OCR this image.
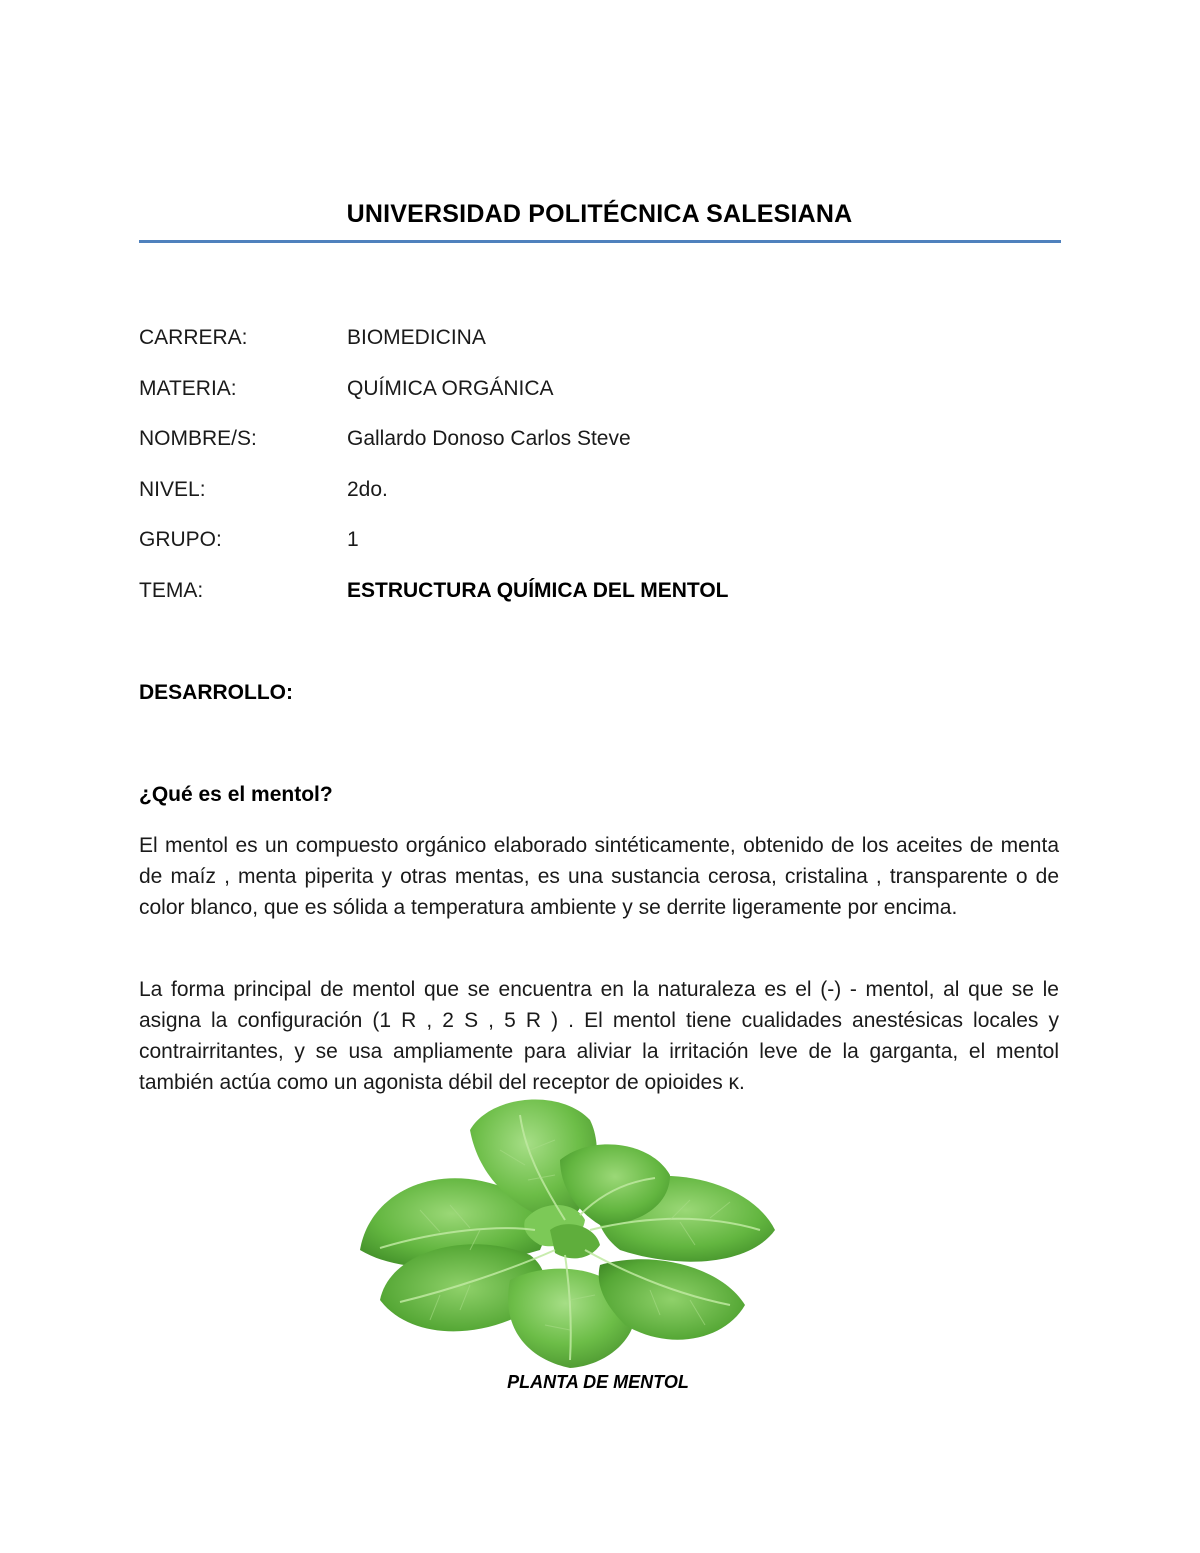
UNIVERSIDAD POLITÉCNICA SALESIANA
CARRERA:	BIOMEDICINA
MATERIA:	QUÍMICA ORGÁNICA
NOMBRE/S:	Gallardo Donoso Carlos Steve
NIVEL:	2do.
GRUPO:	1
TEMA:	ESTRUCTURA QUÍMICA DEL MENTOL
DESARROLLO:
¿Qué es el mentol?
El mentol es un compuesto orgánico elaborado sintéticamente, obtenido de los aceites de menta de maíz , menta piperita y otras mentas, es una sustancia cerosa, cristalina , transparente o de color blanco, que es sólida a temperatura ambiente y se derrite ligeramente por encima.
La forma principal de mentol que se encuentra en la naturaleza es el (-) - mentol, al que se le asigna la configuración (1 R , 2 S , 5 R ) . El mentol tiene cualidades anestésicas locales y contrairritantes, y se usa ampliamente para aliviar la irritación leve de la garganta, el mentol también actúa como un agonista débil del receptor de opioides κ.
PLANTA DE MENTOL
